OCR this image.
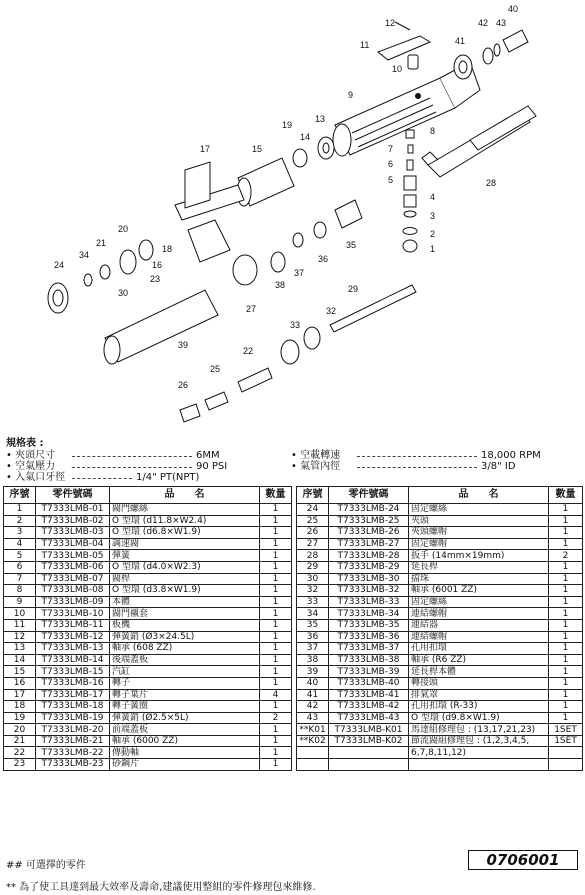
1
2
3
4
5
6
7
8
9
10
11
12
13
14
15
16
17
18
19
20
21
22
23
24
25
26
27
28
29
30
32
33
34
35
36
37
38
39
40
41
42 43
規格表 :
• 夾頭尺寸	6MM	• 空載轉速	18,000 RPM
• 空氣壓力	90 PSI	• 氣管內徑	3/8" ID
• 入氣口牙徑	1/4" PT(NPT)
序號	零件號碼	品　　名	數量
1	T7333LMB-01	閥門螺絲	1
2	T7333LMB-02	O 型環 (d11.8×W2.4)	1
3	T7333LMB-03	O 型環 (d6.8×W1.9)	1
4	T7333LMB-04	調速閥	1
5	T7333LMB-05	彈簧	1
6	T7333LMB-06	O 型環 (d4.0×W2.3)	1
7	T7333LMB-07	閥桿	1
8	T7333LMB-08	O 型環 (d3.8×W1.9)	1
9	T7333LMB-09	本體	1
10	T7333LMB-10	閥門襯套	1
11	T7333LMB-11	板機	1
12	T7333LMB-12	彈簧銷 (Ø3×24.5L)	1
13	T7333LMB-13	軸承 (608 ZZ)	1
14	T7333LMB-14	後端蓋板	1
15	T7333LMB-15	汽缸	1
16	T7333LMB-16	轉子	1
17	T7333LMB-17	轉子葉片	4
18	T7333LMB-18	轉子簧圈	1
19	T7333LMB-19	彈簧銷 (Ø2.5×5L)	2
20	T7333LMB-20	前端蓋板	1
21	T7333LMB-21	軸承 (6000 ZZ)	1
22	T7333LMB-22	傳動軸	1
23	T7333LMB-23	砂鋼片	1
序號	零件號碼	品　　名	數量
24	T7333LMB-24	固定螺絲	1
25	T7333LMB-25	夾頭	1
26	T7333LMB-26	夾頭螺帽	1
27	T7333LMB-27	固定螺帽	1
28	T7333LMB-28	扳手 (14mm×19mm)	2
29	T7333LMB-29	延長桿	1
30	T7333LMB-30	擋珠	1
32	T7333LMB-32	軸承 (6001 ZZ)	1
33	T7333LMB-33	固定螺絲	1
34	T7333LMB-34	連結螺帽	1
35	T7333LMB-35	連結器	1
36	T7333LMB-36	連結螺帽	1
37	T7333LMB-37	孔用扣環	1
38	T7333LMB-38	軸承 (R6 ZZ)	1
39	T7333LMB-39	延長桿本體	1
40	T7333LMB-40	轉接頭	1
41	T7333LMB-41	排氣罩	1
42	T7333LMB-42	孔用扣環 (R-33)	1
43	T7333LMB-43	O 型環 (d9.8×W1.9)	1
**K01	T7333LMB-K01	馬達組修理包 : (13,17,21,23)	1SET
**K02	T7333LMB-K02	節流閥組修理包 : (1,2,3,4,5,	1SET
		6,7,8,11,12)	

## 可選擇的零件	0706001
** 為了使工具達到最大效率及壽命,建議使用整組的零件修理包來維修.
